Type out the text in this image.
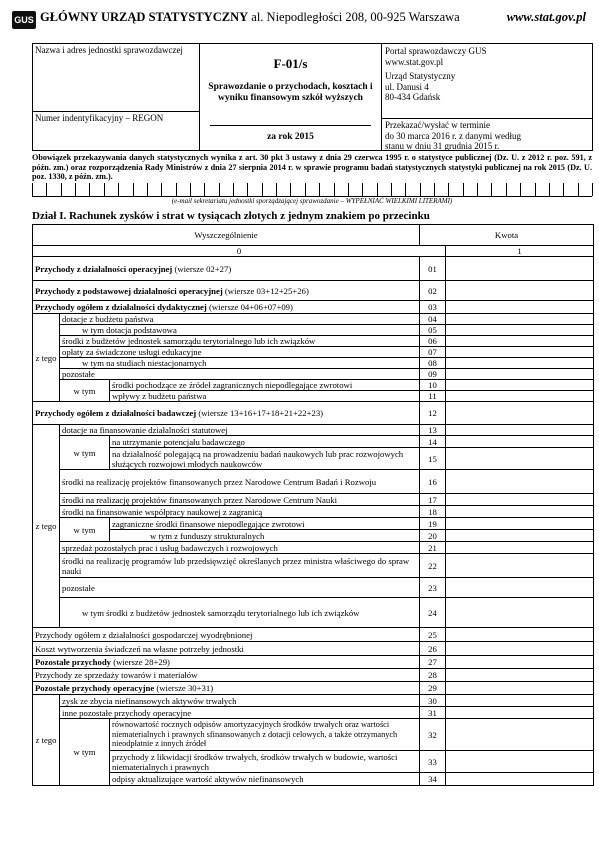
GUS GŁÓWNY URZĄD STATYSTYCZNY al. Niepodległości 208, 00-925 Warszawa	www.stat.gov.pl
Nazwa i adres jednostki sprawozdawczej
Numer indentyfikacyjny – REGON
F-01/s
Sprawozdanie o przychodach, kosztach i wyniku finansowym szkół wyższych
za rok 2015
Portal sprawozdawczy GUS
www.stat.gov.pl
Urząd Statystyczny
ul. Danusi 4
80-434 Gdańsk
Przekazać/wysłać w terminie
do 30 marca 2016 r. z danymi według
stanu w dniu 31 grudnia 2015 r.
Obowiązek przekazywania danych statystycznych wynika z art. 30 pkt 3 ustawy z dnia 29 czerwca 1995 r. o statystyce publicznej (Dz. U. z 2012 r. poz. 591, z późn. zm.) oraz rozporządzenia Rady Ministrów z dnia 27 sierpnia 2014 r. w sprawie programu badań statystycznych statystyki publicznej na rok 2015 (Dz. U. poz. 1330, z późn. zm.).
(e-mail sekretariatu jednostki sporządzającej sprawozdanie – WYPEŁNIAĆ WIELKIMI LITERAMI)
Dział I. Rachunek zysków i strat w tysiącach złotych z jednym znakiem po przecinku
Wyszczególnienie			Kwota	
0				1
Przychody z działalności operacyjnej (wiersze 02+27)			01	
Przychody z podstawowej działalności operacyjnej (wiersze 03+12+25+26)			02	
Przychody ogółem z działalności dydaktycznej (wiersze 04+06+07+09)			03	
z tego	dotacje z budżetu państwa		04	
	w tym dotacja podstawowa		05	
	środki z budżetów jednostek samorządu terytorialnego lub ich związków		06	
	opłaty za świadczone usługi edukacyjne		07	
	w tym na studiach niestacjonarnych		08	
	pozostałe		09	
	w tym	środki pochodzące ze źródeł zagranicznych niepodlegające zwrotowi	10	
		wpływy z budżetu państwa	11	
Przychody ogółem z działalności badawczej (wiersze 13+16+17+18+21+22+23)			12	
z tego	dotacje na finansowanie działalności statutowej		13	
	w tym	na utrzymanie potencjału badawczego	14	
		na działalność polegającą na prowadzeniu badań naukowych lub prac rozwojowych służących rozwojowi młodych naukowców	15	
	środki na realizację projektów finansowanych przez Narodowe Centrum Badań i Rozwoju		16	
	środki na realizację projektów finansowanych przez Narodowe Centrum Nauki		17	
	środki na finansowanie współpracy naukowej z zagranicą		18	
	w tym	zagraniczne środki finansowe niepodlegające zwrotowi	19	
		w tym z funduszy strukturalnych	20	
	sprzedaż pozostałych prac i usług badawczych i rozwojowych		21	
	środki na realizację programów lub przedsięwzięć określanych przez ministra właściwego do spraw nauki		22	
	pozostałe		23	
	w tym środki z budżetów jednostek samorządu terytorialnego lub ich związków		24	
Przychody ogółem z działalności gospodarczej wyodrębnionej			25	
Koszt wytworzenia świadczeń na własne potrzeby jednostki			26	
Pozostałe przychody (wiersze 28+29)			27	
Przychody ze sprzedaży towarów i materiałów			28	
Pozostałe przychody operacyjne (wiersze 30+31)			29	
z tego	zysk ze zbycia niefinansowych aktywów trwałych		30	
	inne pozostałe przychody operacyjne		31	
	w tym	równowartość rocznych odpisów amortyzacyjnych środków trwałych oraz wartości niematerialnych i prawnych sfinansowanych z dotacji celowych, a także otrzymanych nieodpłatnie z innych źródeł	32	
		przychody z likwidacji środków trwałych, środków trwałych w budowie, wartości niematerialnych i prawnych	33	
		odpisy aktualizujące wartość aktywów niefinansowych	34	
